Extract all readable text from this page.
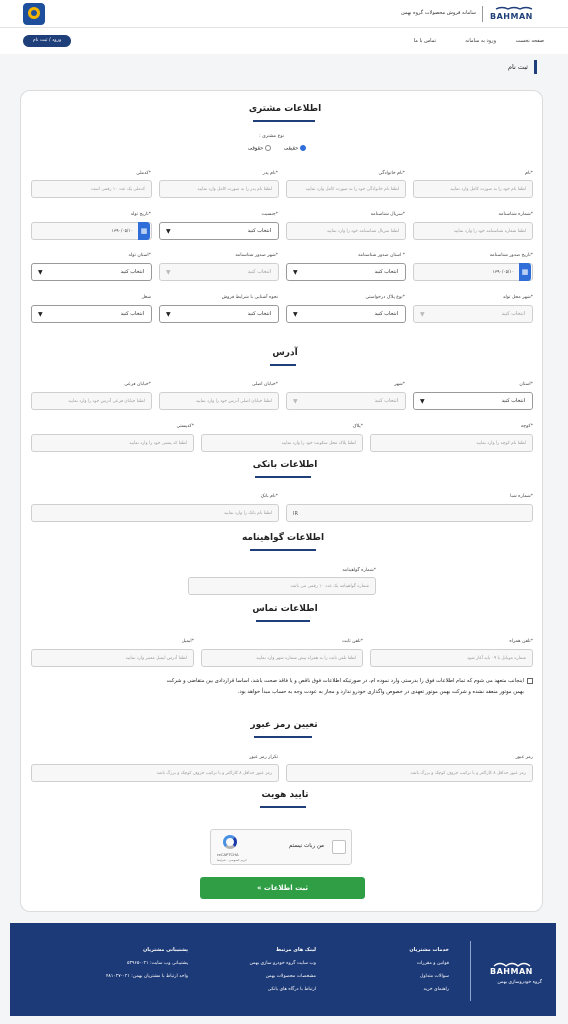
BAHMAN
سامانه فروش محصولات گروه بهمن
صفحه نخست
ورود به سامانه
تماس با ما
ورود / ثبت نام
ثبت نام
اطلاعات مشتری
نوع مشتری :
حقیقی
حقوقی
*نام
لطفا نام خود را به صورت کامل وارد نمایید
*نام خانوادگی
لطفا نام خانوادگی خود را به صورت کامل وارد نمایید
*نام پدر
لطفا نام پدر را به صورت کامل وارد نمایید
*کدملی
کدملی یک عدد ۱۰ رقمی است
*شماره شناسنامه
لطفا شماره شناسنامه خود را وارد نمایید
*سریال شناسنامه
لطفا سریال شناسنامه خود را وارد نمایید
*جنسیت
انتخاب کنید
▼
*تاریخ تولد
۱۳۹۰/۰۵/۱۰	▦
*تاریخ صدور شناسنامه
۱۳۹۰/۰۵/۱۰	▦
* استان صدور شناسنامه
انتخاب کنید
▼
*شهر صدور شناسنامه
انتخاب کنید
▼
*استان تولد
انتخاب کنید
▼
*شهر محل تولد
انتخاب کنید
▼
*نوع پلاک درخواستی
انتخاب کنید
▼
نحوه آشنایی با شرایط فروش
انتخاب کنید
▼
شغل
انتخاب کنید
▼
آدرس
*استان
انتخاب کنید
▼
*شهر
انتخاب کنید
▼
*خیابان اصلی
لطفا خیابان اصلی آدرس خود را وارد نمایید
*خیابان فرعی
لطفا خیابان فرعی آدرس خود را وارد نمایید
*کوچه
لطفا نام کوچه را وارد نمایید
*پلاک
لطفا پلاک محل سکونت خود را وارد نمایید
*کدپستی
لطفا کد پستی خود را وارد نمایید
اطلاعات بانکی
*شماره شبا
IR
*نام بانک
لطفا نام بانک را وارد نمایید
اطلاعات گواهینامه
*شماره گواهینامه
شماره گواهینامه یک عدد ۱۰ رقمی می باشد
اطلاعات تماس
*تلفن همراه
شماره موبایل با ۰۹ باید آغاز شود
*تلفن ثابت
لطفا تلفن ثابت را به همراه پیش شماره شهر وارد نمایید
*ایمیل
لطفا آدرس ایمیل معتبر وارد نمایید
اینجانب متعهد می شوم که تمام اطلاعات فوق را بدرستی وارد نموده ام، در صورتیکه اطلاعات فوق ناقص و یا فاقد صحت باشد، اساسا قراردادی بین متقاضی و شرکت
بهمن موتور منعقد نشده و شرکت بهمن موتور تعهدی در خصوص واگذاری خودرو ندارد و مجاز به عودت وجه به حساب مبدأ خواهد بود.
تعیین رمز عبور
رمز عبور
رمز عبور حداقل ۸ کاراکتر و با ترکیب حروف کوچک و بزرگ باشد
تکرار رمز عبور
رمز عبور حداقل ۸ کاراکتر و با ترکیب حروف کوچک و بزرگ باشد
تایید هویت
من ربات نیستم
reCAPTCHA
حریم خصوصی - شرایط
ثبت اطلاعات »
BAHMAN
گروه خودروسازی بهمن
خدمات مشتریان
قوانین و مقررات
سوالات متداول
راهنمای خرید
لینک های مرتبط
وب سایت گروه خودرو سازی بهمن
مشخصات محصولات بهمن
ارتباط با درگاه های بانکی
پشتیبانی مشتریان
پشتیبانی وب سایت: ۰۲۱-۵۳۹۶۵
واحد ارتباط با مشتریان بهمن: ۰۲۱-۴۸۱۰۲۷
